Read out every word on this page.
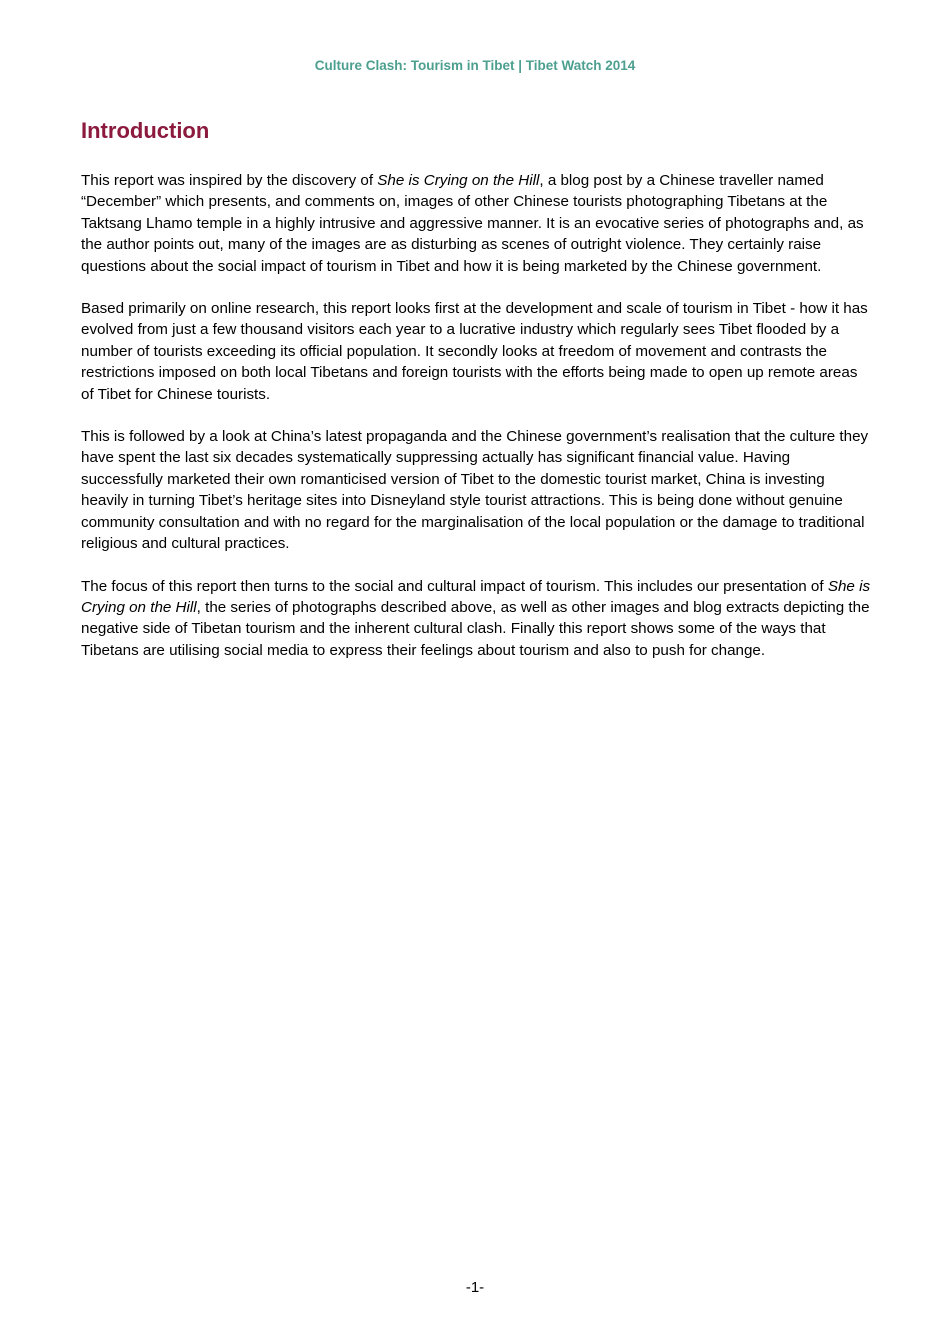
Culture Clash: Tourism in Tibet | Tibet Watch 2014
Introduction

This report was inspired by the discovery of She is Crying on the Hill, a blog post by a Chinese traveller named “December” which presents, and comments on, images of other Chinese tourists photographing Tibetans at the Taktsang Lhamo temple in a highly intrusive and aggressive manner. It is an evocative series of photographs and, as the author points out, many of the images are as disturbing as scenes of outright violence. They certainly raise questions about the social impact of tourism in Tibet and how it is being marketed by the Chinese government.

Based primarily on online research, this report looks first at the development and scale of tourism in Tibet - how it has evolved from just a few thousand visitors each year to a lucrative industry which regularly sees Tibet flooded by a number of tourists exceeding its official population. It secondly looks at freedom of movement and contrasts the restrictions imposed on both local Tibetans and foreign tourists with the efforts being made to open up remote areas of Tibet for Chinese tourists.

This is followed by a look at China’s latest propaganda and the Chinese government’s realisation that the culture they have spent the last six decades systematically suppressing actually has significant financial value. Having successfully marketed their own romanticised version of Tibet to the domestic tourist market, China is investing heavily in turning Tibet’s heritage sites into Disneyland style tourist attractions. This is being done without genuine community consultation and with no regard for the marginalisation of the local population or the damage to traditional religious and cultural practices.

The focus of this report then turns to the social and cultural impact of tourism. This includes our presentation of She is Crying on the Hill, the series of photographs described above, as well as other images and blog extracts depicting the negative side of Tibetan tourism and the inherent cultural clash. Finally this report shows some of the ways that Tibetans are utilising social media to express their feelings about tourism and also to push for change.

-1-
